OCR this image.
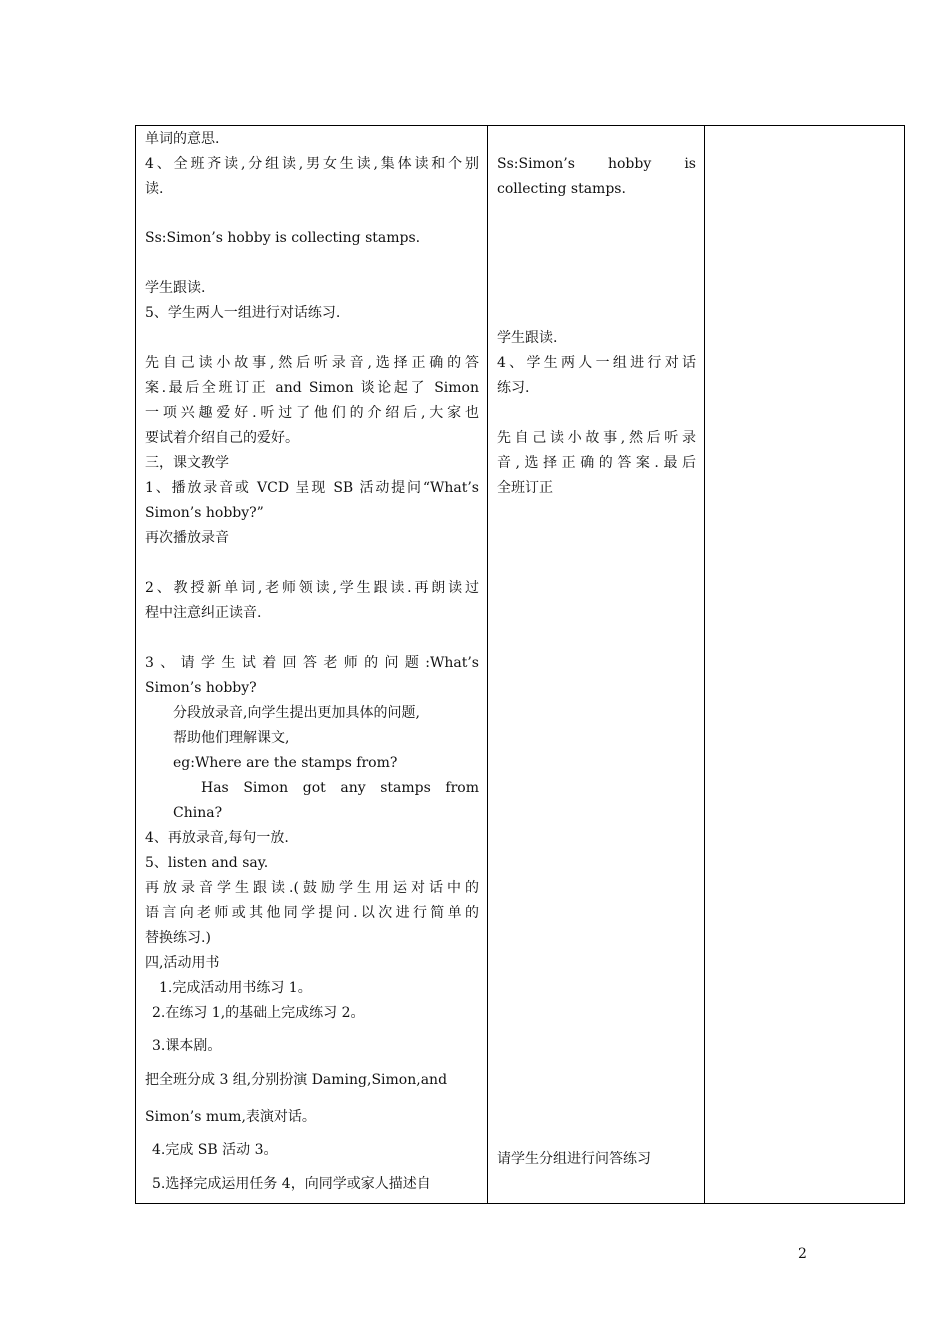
单词的意思.
4、全班齐读,分组读,男女生读,集体读和个别
读.
Ss:Simon’s hobby is collecting stamps.
学生跟读.
5、学生两人一组进行对话练习.
先自己读小故事,然后听录音,选择正确的答
案.最后全班订正 and Simon 谈论起了 Simon
一项兴趣爱好.听过了他们的介绍后,大家也
要试着介绍自己的爱好。
三，课文教学
1、播放录音或 VCD 呈现 SB 活动提问“What’s
Simon’s hobby?”
再次播放录音
2、教授新单词,老师领读,学生跟读.再朗读过
程中注意纠正读音.
3、请学生试着回答老师的问题:What’s
Simon’s hobby?
分段放录音,向学生提出更加具体的问题,
帮助他们理解课文,
eg:Where are the stamps from?
Has Simon got any stamps from
China?
4、再放录音,每句一放.
5、listen and say.
再放录音学生跟读.(鼓励学生用运对话中的
语言向老师或其他同学提问.以次进行简单的
替换练习.)
四,活动用书
1.完成活动用书练习 1。
2.在练习 1,的基础上完成练习 2。
3.课本剧。
把全班分成 3 组,分别扮演 Daming,Simon,and
Simon’s mum,表演对话。
4.完成 SB 活动 3。
5.选择完成运用任务 4，向同学或家人描述自
Ss:Simon’s hobby is
collecting stamps.
学生跟读.
4、学生两人一组进行对话
练习.
先自己读小故事,然后听录
音,选择正确的答案.最后
全班订正
请学生分组进行问答练习
2
